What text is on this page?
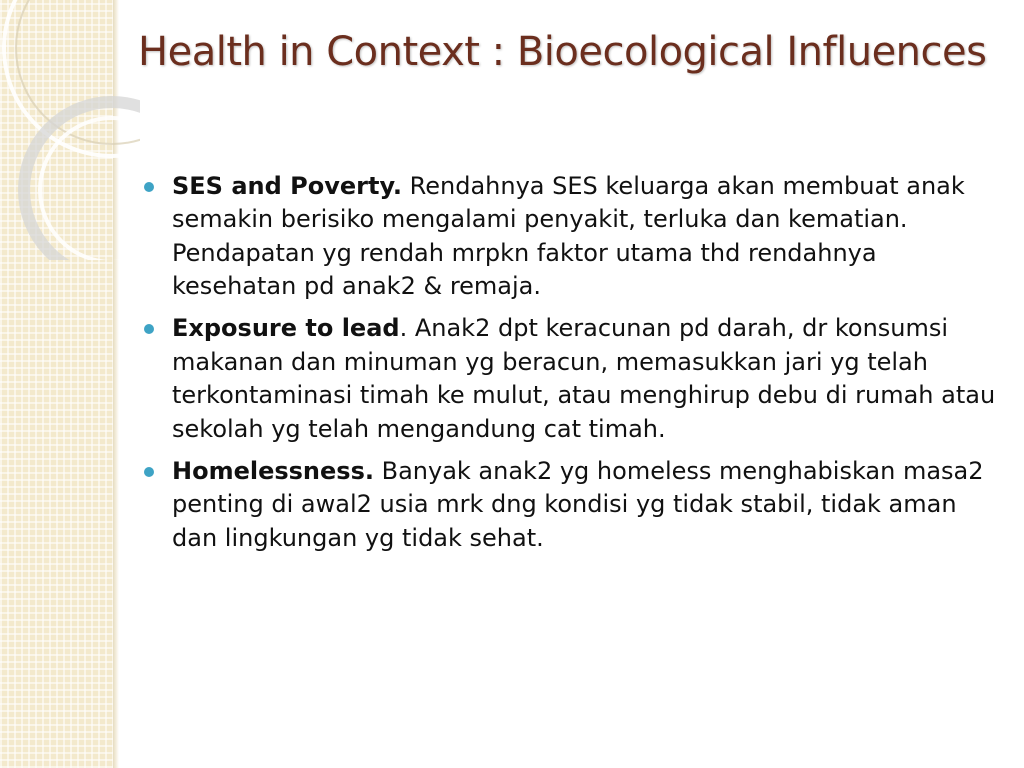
Health in Context : Bioecological Influences
SES and Poverty. Rendahnya SES keluarga akan membuat anak semakin berisiko mengalami penyakit, terluka dan kematian. Pendapatan yg rendah mrpkn faktor utama thd rendahnya kesehatan pd anak2 & remaja.
Exposure to lead. Anak2 dpt keracunan pd darah, dr konsumsi makanan dan minuman yg beracun, memasukkan jari yg telah terkontaminasi timah ke mulut, atau menghirup debu di rumah atau sekolah yg telah mengandung cat timah.
Homelessness. Banyak anak2 yg homeless menghabiskan masa2 penting di awal2 usia mrk dng kondisi yg tidak stabil, tidak aman dan lingkungan yg tidak sehat.
